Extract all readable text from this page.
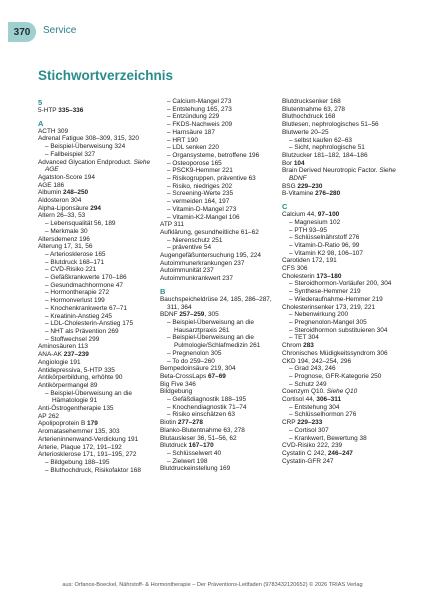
370	Service
Stichwortverzeichnis
5
5-HTP 335–336
A
ACTH 309
Adrenal Fatigue 308–309, 315, 320
– Beispiel-Überweisung 324
– Fallbeispiel 327
Advanced Glycation Endproduct. Siehe AGE
Agatston-Score 194
AGE 186
Albumin 248–250
Aldosteron 304
Alpha-Liponsäure 294
Altern 26–33, 53
– Lebensqualität 56, 189
– Merkmale 30
Altersdemenz 196
Alterung 17, 31, 56
– Arteriosklerose 165
– Blutdruck 168–171
– CVD-Risiko 221
– Gefäßkrankwerte 170–186
– Gesundmachhormone 47
– Hormontherapie 272
– Hormonverlust 199
– Knochenkrankwerte 67–71
– Kreatinin-Anstieg 245
– LDL-Cholesterin-Anstieg 175
– NHT als Prävention 269
– Stoffwechsel 299
Aminosäuren 113
ANA-AK 237–239
Angiologie 191
Antidepressiva, 5-HTP 335
Antikörperbildung, erhöhte 90
Antikörpermangel 89
– Beispiel-Überweisung an die Hämatologie 91
Anti-Östrogentherapie 135
AP 262
Apolipoprotein B 179
Aromatasehemmer 135, 303
Arterieninnenwand-Verdickung 191
Arterie, Plaque 172, 191–192
Arteriosklerose 171, 191–195, 272
– Bildgebung 188–195
– Bluthochdruck, Risikofaktor 168
– Calcium-Mangel 273
– Entstehung 165, 273
– Entzündung 229
– FKDS-Nachweis 209
– Harnsäure 187
– HRT 190
– LDL senken 220
– Organsysteme, betroffene 196
– Osteoporose 165
– PSCK9-Hemmer 221
– Risikogruppen, präventive 63
– Risiko, niedriges 202
– Screening-Werte 235
– vermeiden 164, 197
– Vitamin-D-Mangel 273
– Vitamin-K2-Mangel 106
ATP 311
Aufklärung, gesundheitliche 61–62
– Nierenschutz 251
– präventive 54
Augengefäßuntersuchung 195, 224
Autoimmunerkrankungen 237
Autoimmunität 237
Autoimmunkrankwert 237
B
Bauchspeicheldrüse 24, 185, 286–287, 311, 364
BDNF 257–259, 305
– Beispiel-Überweisung an die Hausarztpraxis 261
– Beispiel-Überweisung an die Pulmologie/Schlafmedizin 261
– Pregnenolon 305
– To do 259–260
Bempedoinsäure 219, 304
Beta-CrossLaps 67–69
Big Five 346
Bildgebung
– Gefäßdiagnostik 188–195
– Knochendiagnostik 71–74
– Risiko einschätzen 63
Biotin 277–278
Blanko-Blutentnahme 63, 278
Blutausleser 36, 51–56, 62
Blutdruck 167–170
– Schlüsselwert 40
– Zielwert 198
Blutdruckeinstellung 169
Blutdrucksenker 168
Blutentnahme 63, 278
Bluthochdruck 168
Blutlesen, nephrologisches 51–56
Blutwerte 20–25
– selbst kaufen 62–63
– Sicht, nephrologische 51
Blutzucker 181–182, 184–186
Bor 104
Brain Derived Neurotropic Factor. Siehe BDNF
BSG 229–230
B-Vitamine 276–280
C
Calcium 44, 97–100
– Magnesium 102
– PTH 93–95
– Schlüsselnährstoff 276
– Vitamin-D-Ratio 96, 99
– Vitamin K2 98, 106–107
Carotiden 172, 191
CFS 306
Cholesterin 173–180
– Steroidhormon-Vorläufer 200, 304
– Synthese-Hemmer 219
– Wiederaufnahme-Hemmer 219
Cholesterinsenker 173, 219, 221
– Nebenwirkung 200
– Pregnenolon-Mangel 305
– Steroidhormon substituieren 304
– TET 304
Chrom 283
Chronisches Müdigkeitssyndrom 306
CKD 194, 242–254, 296
– Grad 243, 246
– Prognose, GFR-Kategorie 250
– Schutz 249
Coenzym Q10. Siehe Q10
Cortisol 44, 306–311
– Entstehung 304
– Schlüsselhormon 276
CRP 229–233
– Cortisol 307
– Krankwert, Bewertung 38
CVD-Risiko 222, 239
Cystatin C 242, 246–247
Cystatin-GFR 247
aus: Orfanos-Boeckel, Nährstoff- & Hormontherapie – Der Präventions-Leitfaden (9783432120652) © 2026 TRIAS Verlag
